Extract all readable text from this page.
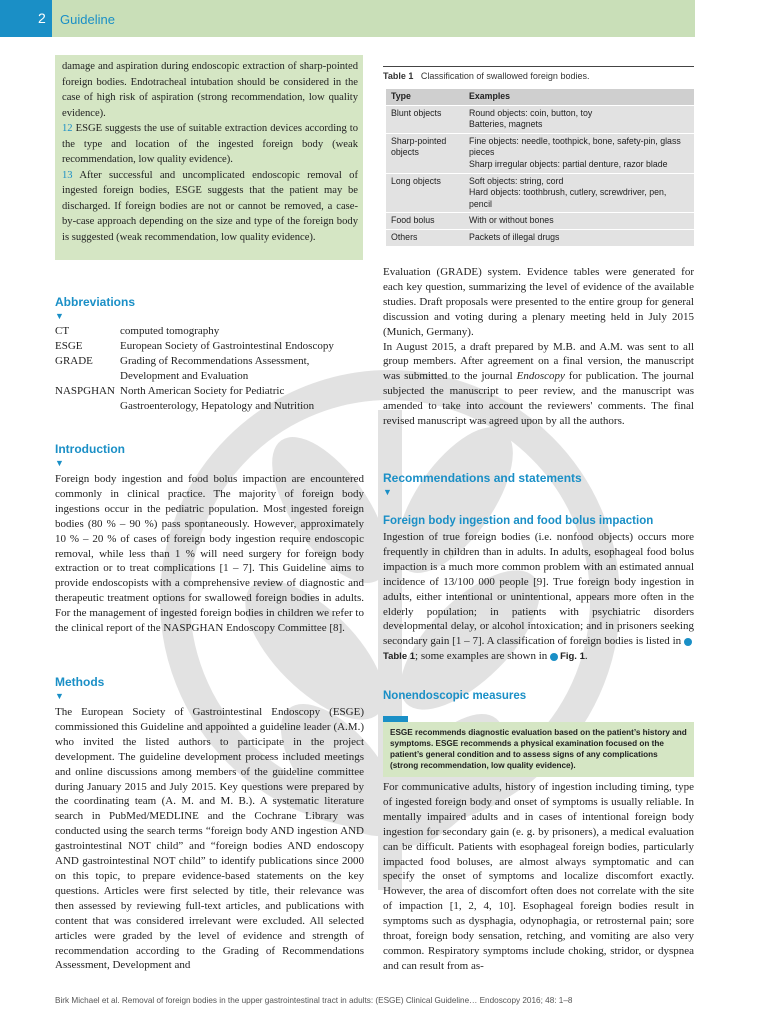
2 Guideline

damage and aspiration during endoscopic extraction of sharp-pointed foreign bodies. Endotracheal intubation should be considered in the case of high risk of aspiration (strong recommendation, low quality evidence).

12 ESGE suggests the use of suitable extraction devices according to the type and location of the ingested foreign body (weak recommendation, low quality evidence).

13 After successful and uncomplicated endoscopic removal of ingested foreign bodies, ESGE suggests that the patient may be discharged. If foreign bodies are not or cannot be removed, a case-by-case approach depending on the size and type of the foreign body is suggested (weak recommendation, low quality evidence).

Abbreviations
▼
CT	computed tomography
ESGE	European Society of Gastrointestinal Endoscopy
GRADE	Grading of Recommendations Assessment, Development and Evaluation
NASPGHAN	North American Society for Pediatric Gastroenterology, Hepatology and Nutrition
Introduction
▼

Foreign body ingestion and food bolus impaction are encountered commonly in clinical practice. The majority of foreign body ingestions occur in the pediatric population. Most ingested foreign bodies (80 % – 90 %) pass spontaneously. However, approximately 10 % – 20 % of cases of foreign body ingestion require endoscopic removal, while less than 1 % will need surgery for foreign body extraction or to treat complications [1 – 7]. This Guideline aims to provide endoscopists with a comprehensive review of diagnostic and therapeutic treatment options for swallowed foreign bodies in adults. For the management of ingested foreign bodies in children we refer to the clinical report of the NASPGHAN Endoscopy Committee [8].

Methods
▼

The European Society of Gastrointestinal Endoscopy (ESGE) commissioned this Guideline and appointed a guideline leader (A.M.) who invited the listed authors to participate in the project development. The guideline development process included meetings and online discussions among members of the guideline committee during January 2015 and July 2015. Key questions were prepared by the coordinating team (A. M. and M. B.). A systematic literature search in PubMed/MEDLINE and the Cochrane Library was conducted using the search terms “foreign body AND ingestion AND gastrointestinal NOT child” and “foreign bodies AND endoscopy AND gastrointestinal NOT child” to identify publications since 2000 on this topic, to prepare evidence-based statements on the key questions. Articles were first selected by title, their relevance was then assessed by reviewing full-text articles, and publications with content that was considered irrelevant were excluded. All selected articles were graded by the level of evidence and strength of recommendation according to the Grading of Recommendations Assessment, Development and

Table 1 Classification of swallowed foreign bodies.
Type	Examples
Blunt objects	Round objects: coin, button, toy
Batteries, magnets

Sharp-pointed objects	Fine objects: needle, toothpick, bone, safety-pin, glass pieces
Sharp irregular objects: partial denture, razor blade

Long objects	Soft objects: string, cord
Hard objects: toothbrush, cutlery, screwdriver, pen, pencil

Food bolus	With or without bones

Others	Packets of illegal drugs

Evaluation (GRADE) system. Evidence tables were generated for each key question, summarizing the level of evidence of the available studies. Draft proposals were presented to the entire group for general discussion and voting during a plenary meeting held in July 2015 (Munich, Germany).

In August 2015, a draft prepared by M.B. and A.M. was sent to all group members. After agreement on a final version, the manuscript was submitted to the journal Endoscopy for publication. The journal subjected the manuscript to peer review, and the manuscript was amended to take into account the reviewers' comments. The final revised manuscript was agreed upon by all the authors.

Recommendations and statements
▼
Foreign body ingestion and food bolus impaction

Ingestion of true foreign bodies (i.e. nonfood objects) occurs more frequently in children than in adults. In adults, esophageal food bolus impaction is a much more common problem with an estimated annual incidence of 13/100 000 people [9]. True foreign body ingestion in adults, either intentional or unintentional, appears more often in the elderly population; in patients with psychiatric disorders developmental delay, or alcohol intoxication; and in prisoners seeking secondary gain [1 – 7]. A classification of foreign bodies is listed in Table 1; some examples are shown in Fig. 1.

Nonendoscopic measures

ESGE recommends diagnostic evaluation based on the patient’s history and symptoms. ESGE recommends a physical examination focused on the patient’s general condition and to assess signs of any complications (strong recommendation, low quality evidence).

For communicative adults, history of ingestion including timing, type of ingested foreign body and onset of symptoms is usually reliable. In mentally impaired adults and in cases of intentional foreign body ingestion for secondary gain (e. g. by prisoners), a medical evaluation can be difficult. Patients with esophageal foreign bodies, particularly impacted food boluses, are almost always symptomatic and can specify the onset of symptoms and localize discomfort exactly. However, the area of discomfort often does not correlate with the site of impaction [1, 2, 4, 10]. Esophageal foreign bodies result in symptoms such as dysphagia, odynophagia, or retrosternal pain; sore throat, foreign body sensation, retching, and vomiting are also very common. Respiratory symptoms include choking, stridor, or dyspnea and can result from as-

Birk Michael et al. Removal of foreign bodies in the upper gastrointestinal tract in adults: (ESGE) Clinical Guideline… Endoscopy 2016; 48: 1–8
